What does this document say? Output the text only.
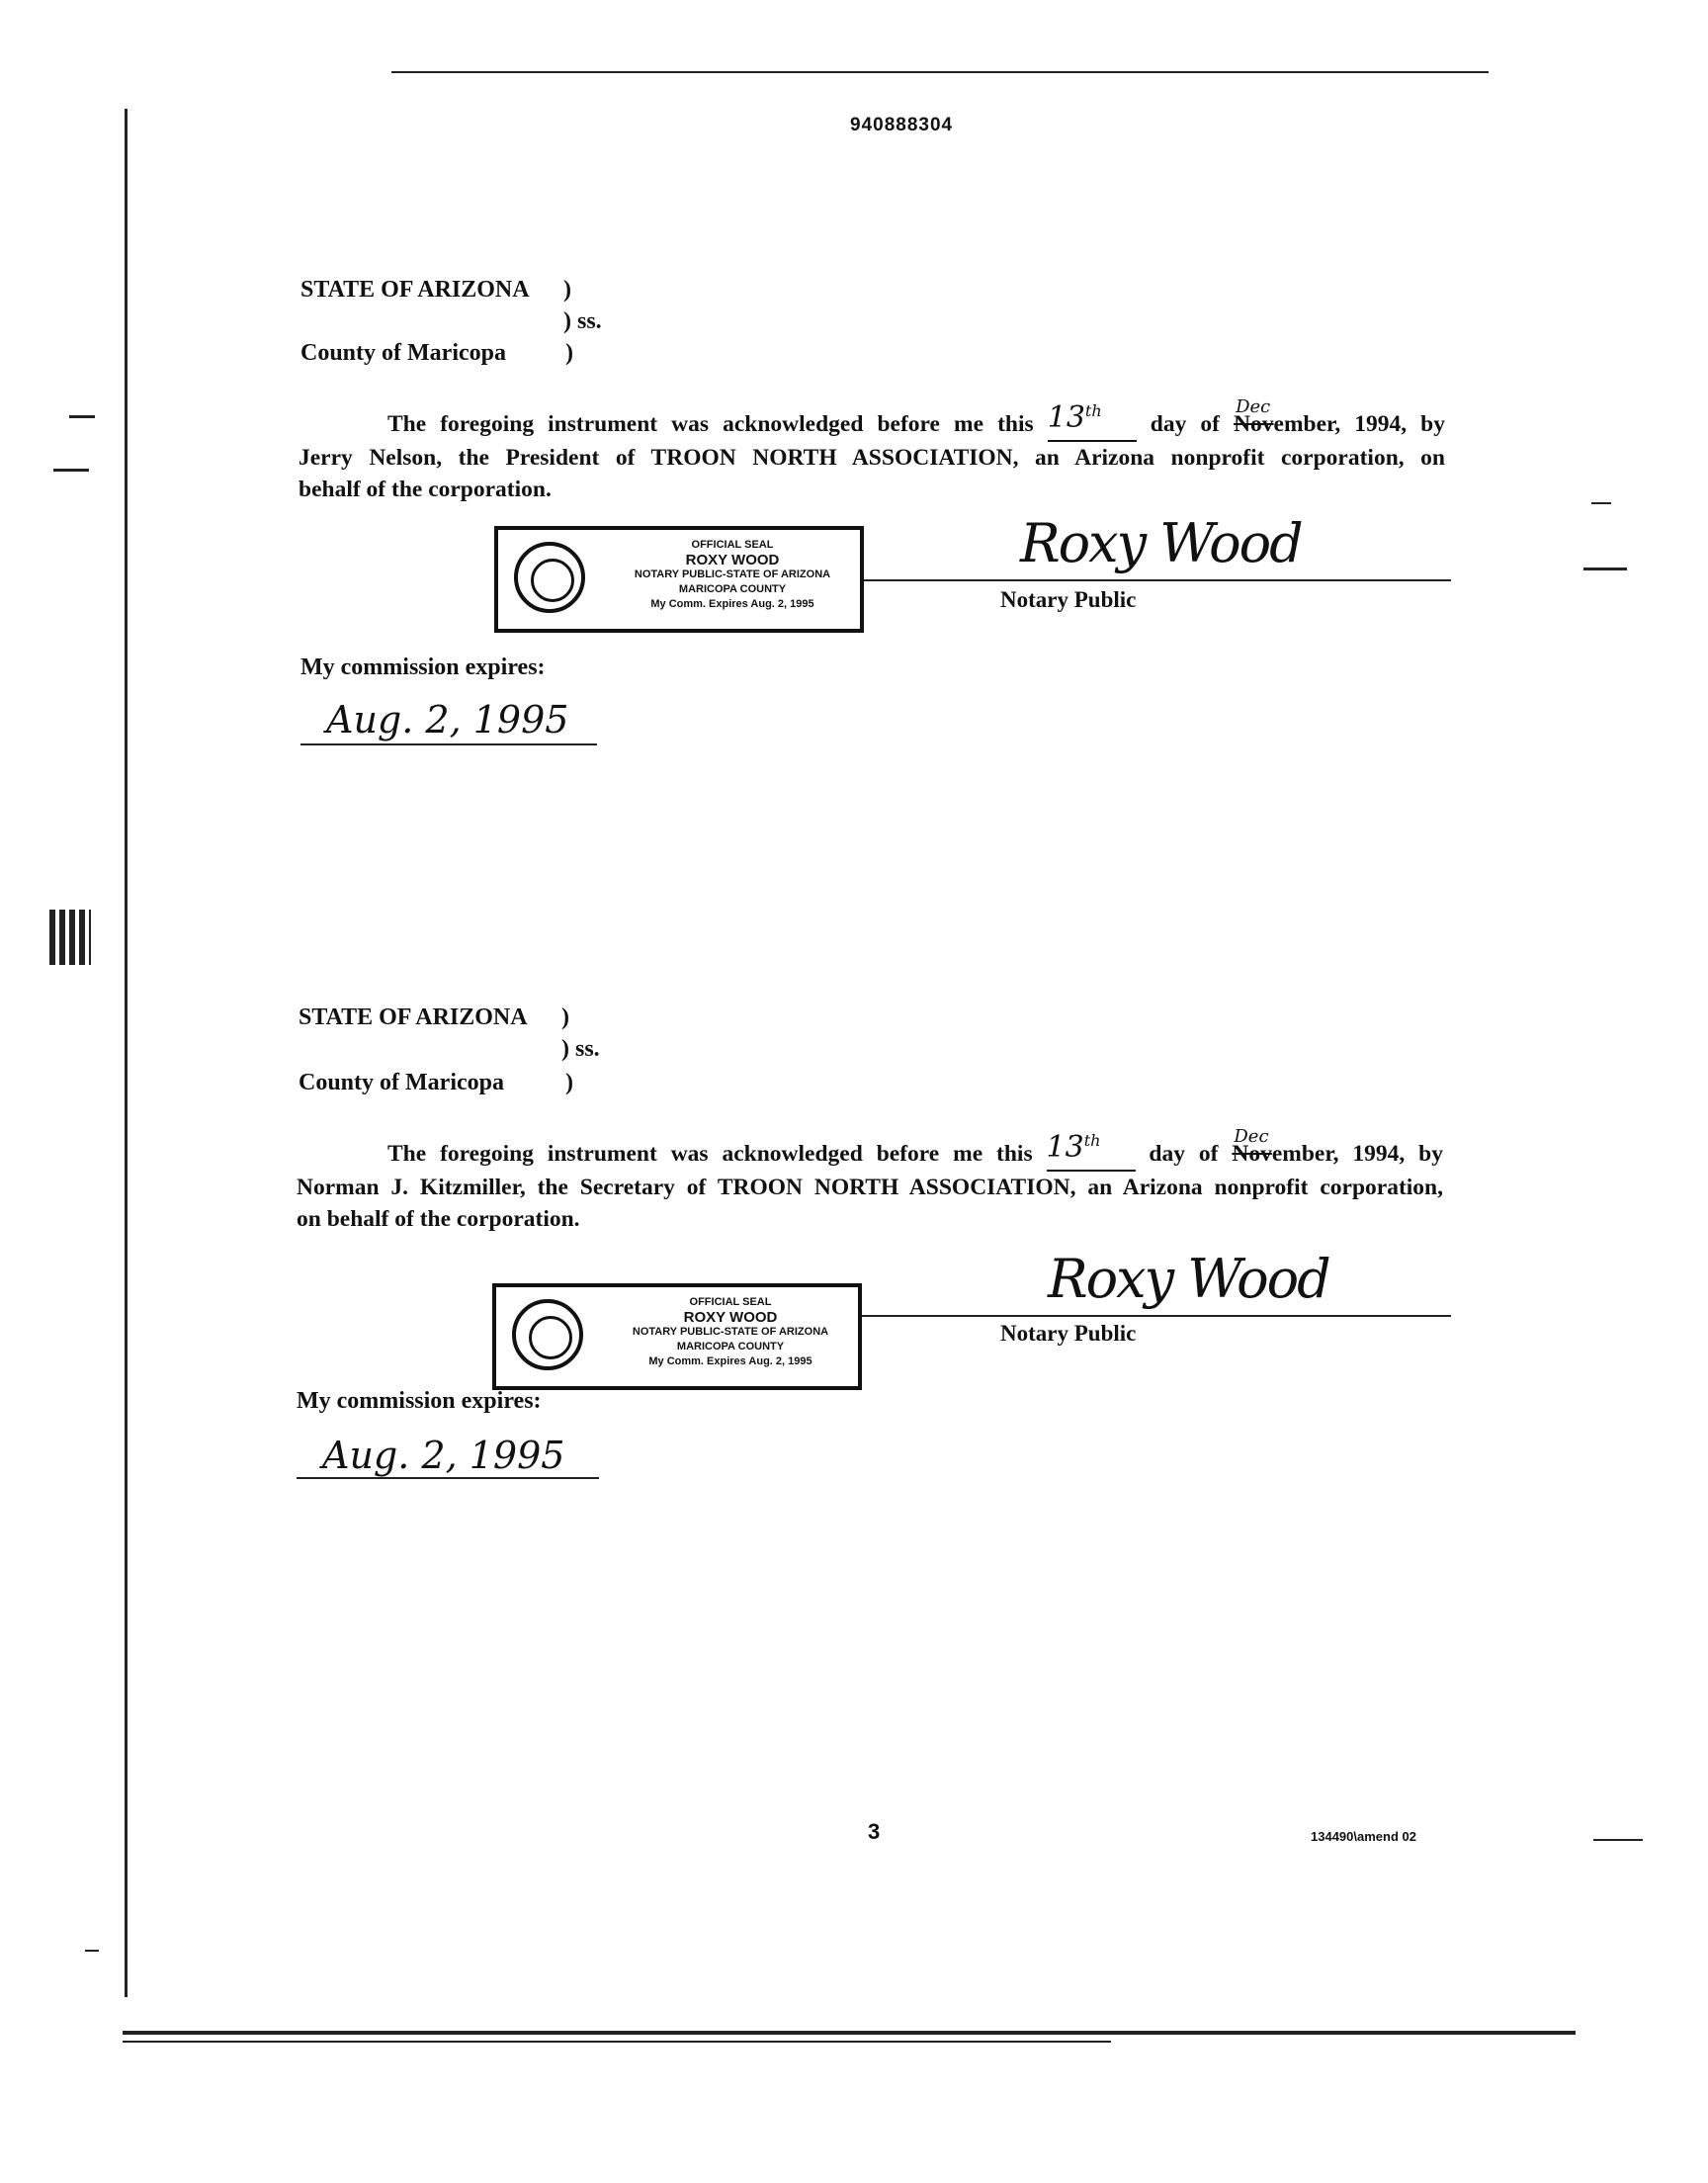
940888304
STATE OF ARIZONA )
) ss.
County of Maricopa	)
The foregoing instrument was acknowledged before me this 13th day of
Dec
November, 1994, by
Jerry Nelson, the President of TROON NORTH ASSOCIATION, an Arizona nonprofit corporation, on
behalf of the corporation.
OFFICIAL SEAL
ROXY WOOD
NOTARY PUBLIC-STATE OF ARIZONA
MARICOPA COUNTY
My Comm. Expires Aug. 2, 1995
Roxy Wood
Notary Public
My commission expires:
Aug. 2, 1995
STATE OF ARIZONA )
) ss.
County of Maricopa	)
The foregoing instrument was acknowledged before me this 13th day of
Dec
November, 1994, by
Norman J. Kitzmiller, the Secretary of TROON NORTH ASSOCIATION, an Arizona nonprofit corporation,
on behalf of the corporation.
OFFICIAL SEAL
ROXY WOOD
NOTARY PUBLIC-STATE OF ARIZONA
MARICOPA COUNTY
My Comm. Expires Aug. 2, 1995
Roxy Wood
Notary Public
My commission expires:
Aug. 2, 1995
3	134490\amend 02
